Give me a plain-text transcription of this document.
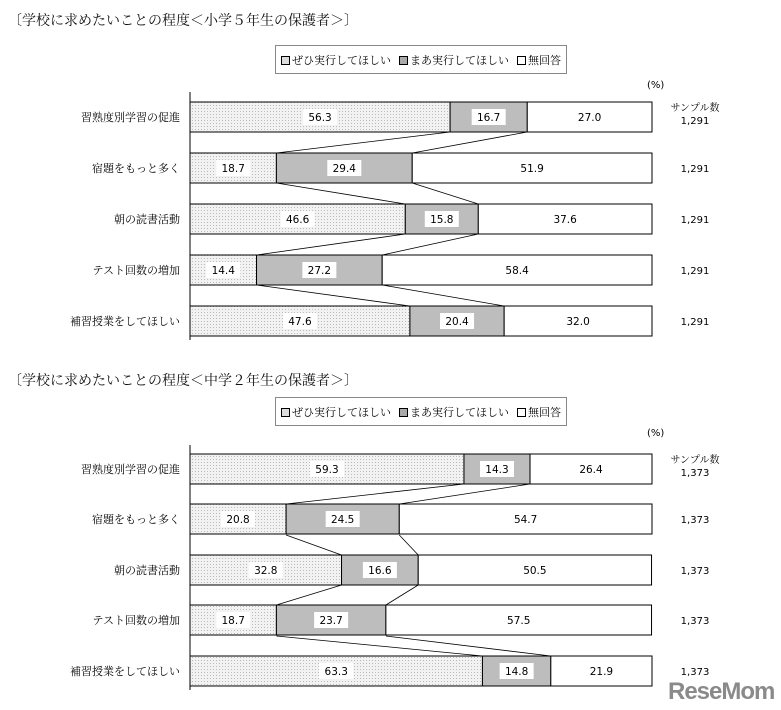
〔学校に求めたいことの程度＜小学５年生の保護者＞〕
ぜひ実行してほしい	まあ実行してほしい	無回答
(%)
〔学校に求めたいことの程度＜中学２年生の保護者＞〕
ぜひ実行してほしい	まあ実行してほしい	無回答
(%)
サンプル数
習熟度別学習の促進	56.3	16.7	27.0	1,291
宿題をもっと多く	18.7	29.4	51.9	1,291
朝の読書活動	46.6	15.8	37.6	1,291
テスト回数の増加	14.4	27.2	58.4	1,291
補習授業をしてほしい	47.6	20.4	32.0	1,291
サンプル数
習熟度別学習の促進	59.3	14.3	26.4	1,373
宿題をもっと多く	20.8	24.5	54.7	1,373
朝の読書活動	32.8	16.6	50.5	1,373
テスト回数の増加	18.7	23.7	57.5	1,373
補習授業をしてほしい	63.3	14.8	21.9	1,373
ReseMom
